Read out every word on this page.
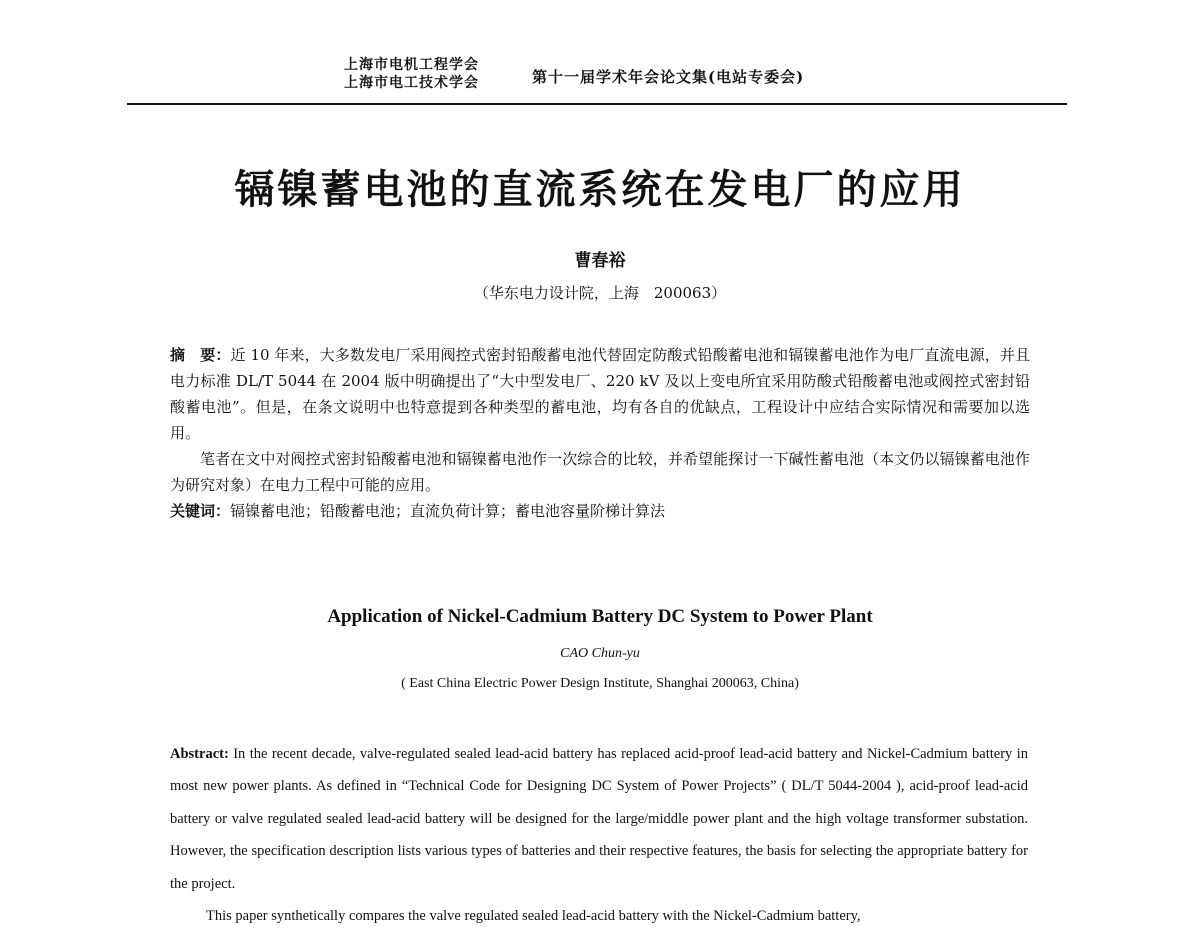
上海市电机工程学会
上海市电工技术学会	第十一届学术年会论文集(电站专委会)
镉镍蓄电池的直流系统在发电厂的应用
曹春裕
（华东电力设计院，上海　200063）

摘　要：近 10 年来，大多数发电厂采用阀控式密封铅酸蓄电池代替固定防酸式铅酸蓄电池和镉镍蓄电池作为电厂直流电源，并且电力标准 DL/T 5044 在 2004 版中明确提出了“大中型发电厂、220 kV 及以上变电所宜采用防酸式铅酸蓄电池或阀控式密封铅酸蓄电池”。但是，在条文说明中也特意提到各种类型的蓄电池，均有各自的优缺点，工程设计中应结合实际情况和需要加以选用。

笔者在文中对阀控式密封铅酸蓄电池和镉镍蓄电池作一次综合的比较，并希望能探讨一下碱性蓄电池（本文仍以镉镍蓄电池作为研究对象）在电力工程中可能的应用。

关键词：镉镍蓄电池；铅酸蓄电池；直流负荷计算；蓄电池容量阶梯计算法

Application of Nickel-Cadmium Battery DC System to Power Plant
CAO Chun-yu
( East China Electric Power Design Institute, Shanghai 200063, China)

Abstract: In the recent decade, valve-regulated sealed lead-acid battery has replaced acid-proof lead-acid battery and Nickel-Cadmium battery in most new power plants. As defined in “Technical Code for Designing DC System of Power Projects” ( DL/T 5044-2004 ), acid-proof lead-acid battery or valve regulated sealed lead-acid battery will be designed for the large/middle power plant and the high voltage transformer substation. However, the specification description lists various types of batteries and their respective features, the basis for selecting the appropriate battery for the project.

This paper synthetically compares the valve regulated sealed lead-acid battery with the Nickel-Cadmium battery,
